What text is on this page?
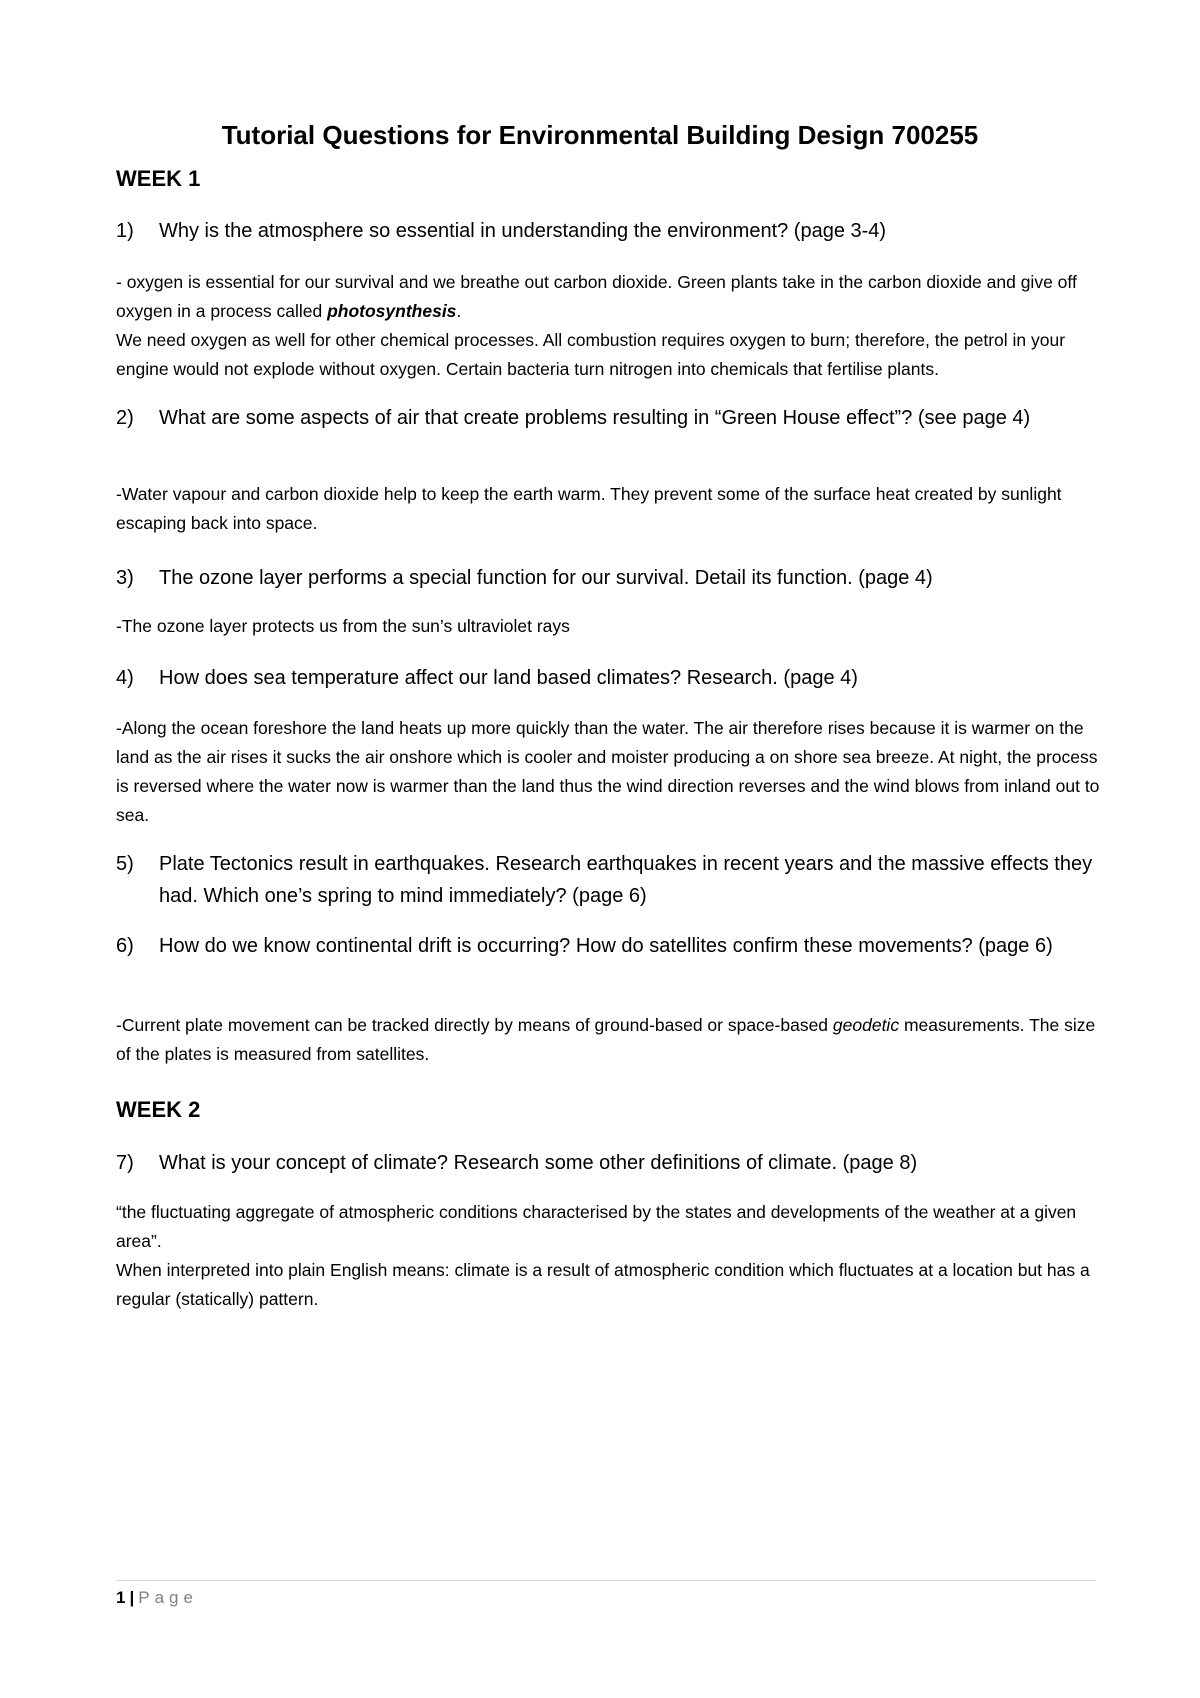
Tutorial Questions for Environmental Building Design 700255
WEEK 1
1) Why is the atmosphere so essential in understanding the environment? (page 3-4)

- oxygen is essential for our survival and we breathe out carbon dioxide. Green plants take in the carbon dioxide and give off oxygen in a process called photosynthesis.

We need oxygen as well for other chemical processes. All combustion requires oxygen to burn; therefore, the petrol in your engine would not explode without oxygen. Certain bacteria turn nitrogen into chemicals that fertilise plants.

2) What are some aspects of air that create problems resulting in “Green House effect”? (see page 4)

-Water vapour and carbon dioxide help to keep the earth warm. They prevent some of the surface heat created by sunlight escaping back into space.

3) The ozone layer performs a special function for our survival. Detail its function. (page 4)

-The ozone layer protects us from the sun’s ultraviolet rays

4) How does sea temperature affect our land based climates? Research. (page 4)

-Along the ocean foreshore the land heats up more quickly than the water. The air therefore rises because it is warmer on the land as the air rises it sucks the air onshore which is cooler and moister producing a on shore sea breeze. At night, the process is reversed where the water now is warmer than the land thus the wind direction reverses and the wind blows from inland out to sea.

5) Plate Tectonics result in earthquakes. Research earthquakes in recent years and the massive effects they had. Which one’s spring to mind immediately? (page 6)
6) How do we know continental drift is occurring? How do satellites confirm these movements? (page 6)

-Current plate movement can be tracked directly by means of ground-based or space-based geodetic measurements. The size of the plates is measured from satellites.

WEEK 2
7) What is your concept of climate? Research some other definitions of climate. (page 8)

“the fluctuating aggregate of atmospheric conditions characterised by the states and developments of the weather at a given area”.

When interpreted into plain English means: climate is a result of atmospheric condition which fluctuates at a location but has a regular (statically) pattern.

1 | Page
